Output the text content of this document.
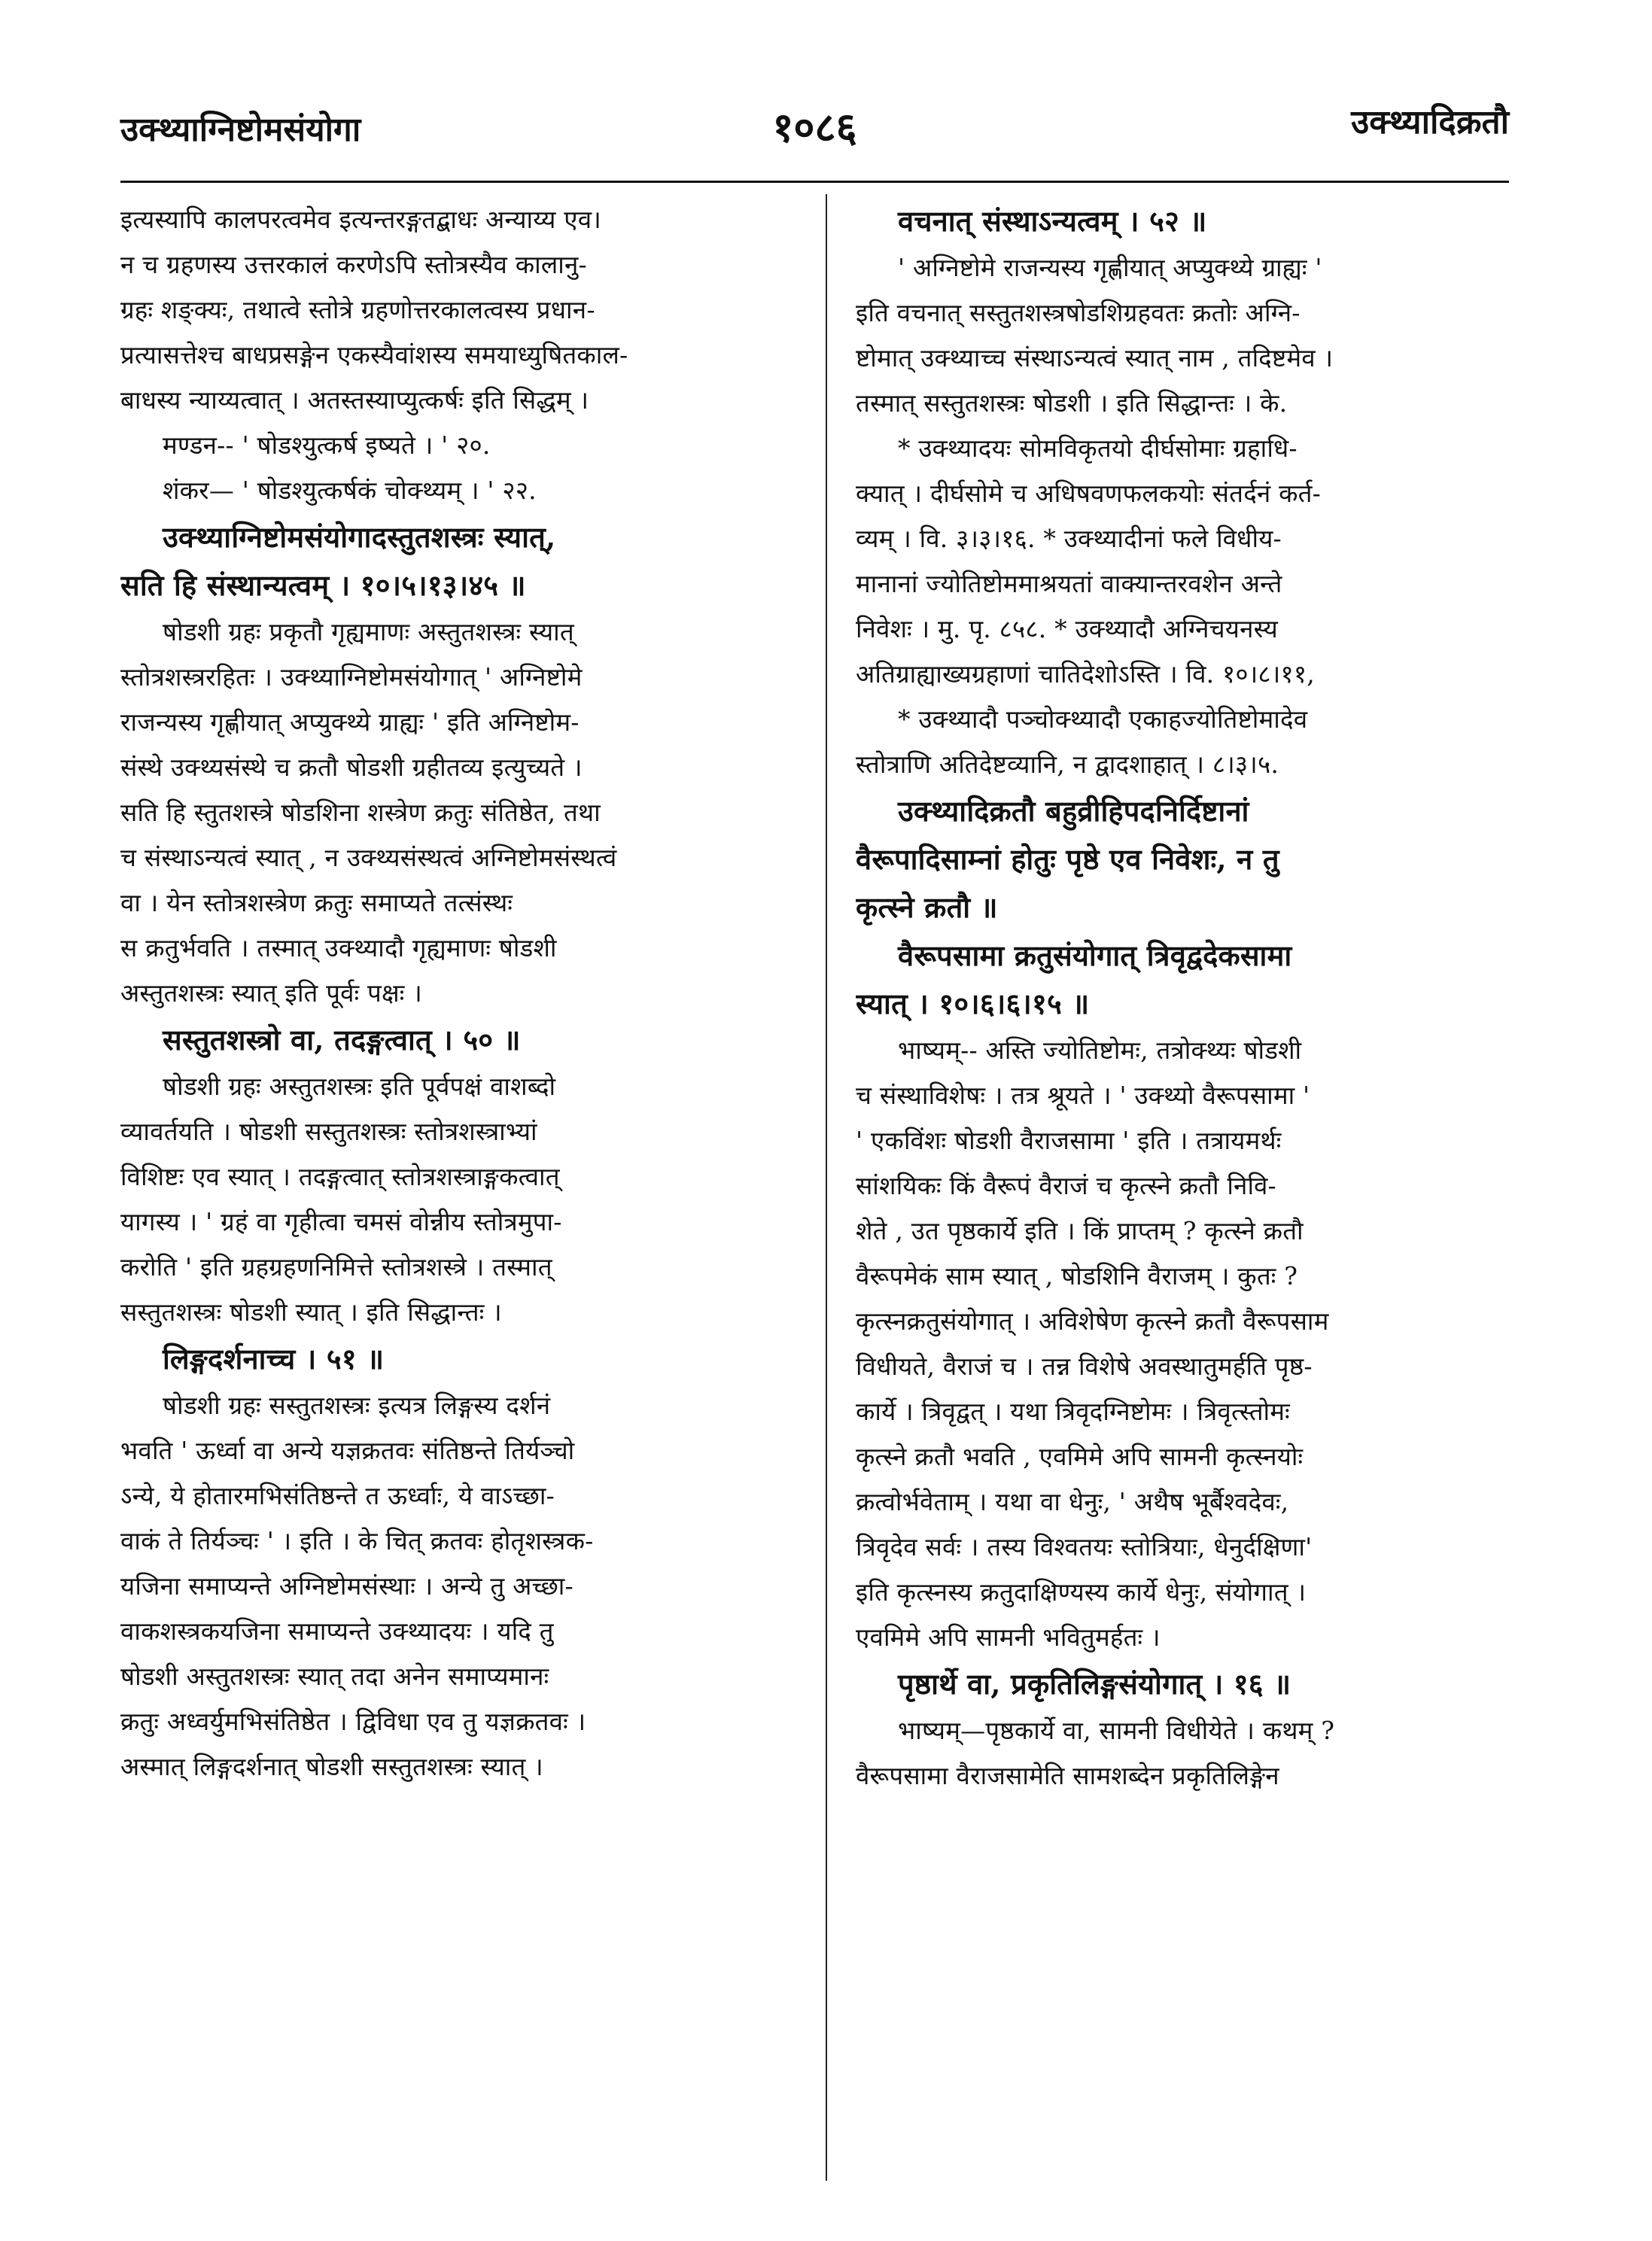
उक्थ्याग्निष्टोमसंयोगा	१०८६	उक्थ्यादिक्रतौ
इत्यस्यापि कालपरत्वमेव इत्यन्तरङ्गतद्बाधः अन्याय्य एव।
न च ग्रहणस्य उत्तरकालं करणेऽपि स्तोत्रस्यैव कालानु-
ग्रहः शङ्क्यः, तथात्वे स्तोत्रे ग्रहणोत्तरकालत्वस्य प्रधान-
प्रत्यासत्तेश्च बाधप्रसङ्गेन एकस्यैवांशस्य समयाध्युषितकाल-
बाधस्य न्याय्यत्वात् । अतस्तस्याप्युत्कर्षः इति सिद्धम् ।
मण्डन-- ' षोडश्युत्कर्ष इष्यते । ' २०.
शंकर— ' षोडश्युत्कर्षकं चोक्थ्यम् । ' २२.
उक्थ्याग्निष्टोमसंयोगादस्तुतशस्त्रः स्यात्,
सति हि संस्थान्यत्वम् । १०।५।१३।४५ ॥
षोडशी ग्रहः प्रकृतौ गृह्यमाणः अस्तुतशस्त्रः स्यात्
स्तोत्रशस्त्ररहितः । उक्थ्याग्निष्टोमसंयोगात् ' अग्निष्टोमे
राजन्यस्य गृह्णीयात् अप्युक्थ्ये ग्राह्यः ' इति अग्निष्टोम-
संस्थे उक्थ्यसंस्थे च क्रतौ षोडशी ग्रहीतव्य इत्युच्यते ।
सति हि स्तुतशस्त्रे षोडशिना शस्त्रेण क्रतुः संतिष्ठेत, तथा
च संस्थाऽन्यत्वं स्यात् , न उक्थ्यसंस्थत्वं अग्निष्टोमसंस्थत्वं
वा । येन स्तोत्रशस्त्रेण क्रतुः समाप्यते तत्संस्थः
स क्रतुर्भवति । तस्मात् उक्थ्यादौ गृह्यमाणः षोडशी
अस्तुतशस्त्रः स्यात् इति पूर्वः पक्षः ।
सस्तुतशस्त्रो वा, तदङ्गत्वात् । ५० ॥
षोडशी ग्रहः अस्तुतशस्त्रः इति पूर्वपक्षं वाशब्दो
व्यावर्तयति । षोडशी सस्तुतशस्त्रः स्तोत्रशस्त्राभ्यां
विशिष्टः एव स्यात् । तदङ्गत्वात् स्तोत्रशस्त्राङ्गकत्वात्
यागस्य । ' ग्रहं वा गृहीत्वा चमसं वोन्नीय स्तोत्रमुपा-
करोति ' इति ग्रहग्रहणनिमित्ते स्तोत्रशस्त्रे । तस्मात्
सस्तुतशस्त्रः षोडशी स्यात् । इति सिद्धान्तः ।
लिङ्गदर्शनाच्च । ५१ ॥
षोडशी ग्रहः सस्तुतशस्त्रः इत्यत्र लिङ्गस्य दर्शनं
भवति ' ऊर्ध्वा वा अन्ये यज्ञक्रतवः संतिष्ठन्ते तिर्यञ्चो
ऽन्ये, ये होतारमभिसंतिष्ठन्ते त ऊर्ध्वाः, ये वाऽच्छा-
वाकं ते तिर्यञ्चः ' । इति । के चित् क्रतवः होतृशस्त्रक-
यजिना समाप्यन्ते अग्निष्टोमसंस्थाः । अन्ये तु अच्छा-
वाकशस्त्रकयजिना समाप्यन्ते उक्थ्यादयः । यदि तु
षोडशी अस्तुतशस्त्रः स्यात् तदा अनेन समाप्यमानः
क्रतुः अध्वर्युमभिसंतिष्ठेत । द्विविधा एव तु यज्ञक्रतवः ।
अस्मात् लिङ्गदर्शनात् षोडशी सस्तुतशस्त्रः स्यात् ।
वचनात् संस्थाऽन्यत्वम् । ५२ ॥
' अग्निष्टोमे राजन्यस्य गृह्णीयात् अप्युक्थ्ये ग्राह्यः '
इति वचनात् सस्तुतशस्त्रषोडशिग्रहवतः क्रतोः अग्नि-
ष्टोमात् उक्थ्याच्च संस्थाऽन्यत्वं स्यात् नाम , तदिष्टमेव ।
तस्मात् सस्तुतशस्त्रः षोडशी । इति सिद्धान्तः । के.
* उक्थ्यादयः सोमविकृतयो दीर्घसोमाः ग्रहाधि-
क्यात् । दीर्घसोमे च अधिषवणफलकयोः संतर्दनं कर्त-
व्यम् । वि. ३।३।१६. * उक्थ्यादीनां फले विधीय-
मानानां ज्योतिष्टोममाश्रयतां वाक्यान्तरवशेन अन्ते
निवेशः । मु. पृ. ८५८. * उक्थ्यादौ अग्निचयनस्य
अतिग्राह्याख्यग्रहाणां चातिदेशोऽस्ति । वि. १०।८।११,
* उक्थ्यादौ पञ्चोक्थ्यादौ एकाहज्योतिष्टोमादेव
स्तोत्राणि अतिदेष्टव्यानि, न द्वादशाहात् । ८।३।५.
उक्थ्यादिक्रतौ बहुव्रीहिपदनिर्दिष्टानां
वैरूपादिसाम्नां होतुः पृष्ठे एव निवेशः, न तु
कृत्स्ने क्रतौ ॥
वैरूपसामा क्रतुसंयोगात् त्रिवृद्वदेकसामा
स्यात् । १०।६।६।१५ ॥
भाष्यम्-- अस्ति ज्योतिष्टोमः, तत्रोक्थ्यः षोडशी
च संस्थाविशेषः । तत्र श्रूयते । ' उक्थ्यो वैरूपसामा '
' एकविंशः षोडशी वैराजसामा ' इति । तत्रायमर्थः
सांशयिकः किं वैरूपं वैराजं च कृत्स्ने क्रतौ निवि-
शेते , उत पृष्ठकार्ये इति । किं प्राप्तम् ? कृत्स्ने क्रतौ
वैरूपमेकं साम स्यात् , षोडशिनि वैराजम् । कुतः ?
कृत्स्नक्रतुसंयोगात् । अविशेषेण कृत्स्ने क्रतौ वैरूपसाम
विधीयते, वैराजं च । तन्न विशेषे अवस्थातुमर्हति पृष्ठ-
कार्ये । त्रिवृद्वत् । यथा त्रिवृदग्निष्टोमः । त्रिवृत्स्तोमः
कृत्स्ने क्रतौ भवति , एवमिमे अपि सामनी कृत्स्नयोः
क्रत्वोर्भवेताम् । यथा वा धेनुः, ' अथैष भूर्बैश्वदेवः,
त्रिवृदेव सर्वः । तस्य विश्वतयः स्तोत्रियाः, धेनुर्दक्षिणा'
इति कृत्स्नस्य क्रतुदाक्षिण्यस्य कार्ये धेनुः, संयोगात् ।
एवमिमे अपि सामनी भवितुमर्हतः ।
पृष्ठार्थे वा, प्रकृतिलिङ्गसंयोगात् । १६ ॥
भाष्यम्—पृष्ठकार्ये वा, सामनी विधीयेते । कथम् ?
वैरूपसामा वैराजसामेति सामशब्देन प्रकृतिलिङ्गेन
